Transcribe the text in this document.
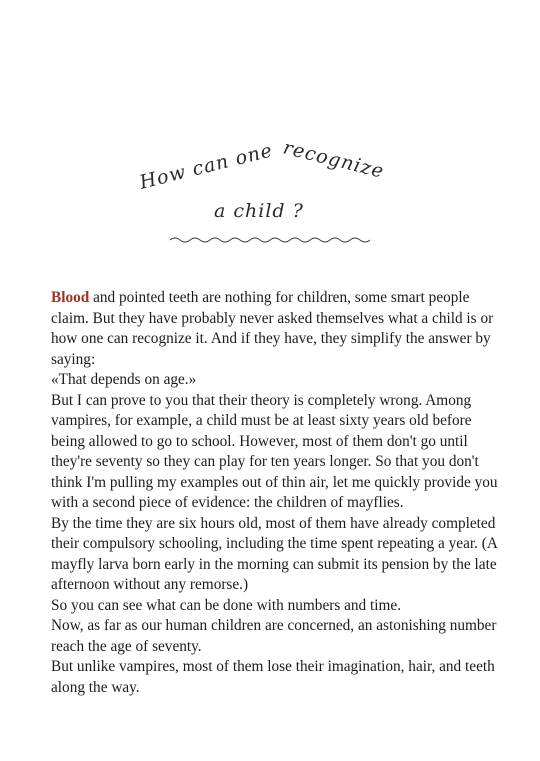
How can one recognize
a child ?

Blood and pointed teeth are nothing for children, some smart people claim. But they have probably never asked themselves what a child is or how one can recognize it. And if they have, they simplify the answer by saying:

«That depends on age.»

But I can prove to you that their theory is completely wrong. Among vampires, for example, a child must be at least sixty years old before being allowed to go to school. However, most of them don't go until they're seventy so they can play for ten years longer. So that you don't think I'm pulling my examples out of thin air, let me quickly provide you with a second piece of evidence: the children of mayflies.

By the time they are six hours old, most of them have already completed their compulsory schooling, including the time spent repeating a year. (A mayfly larva born early in the morning can submit its pension by the late afternoon without any remorse.)

So you can see what can be done with numbers and time.

Now, as far as our human children are concerned, an astonishing number reach the age of seventy.

But unlike vampires, most of them lose their imagination, hair, and teeth along the way.
